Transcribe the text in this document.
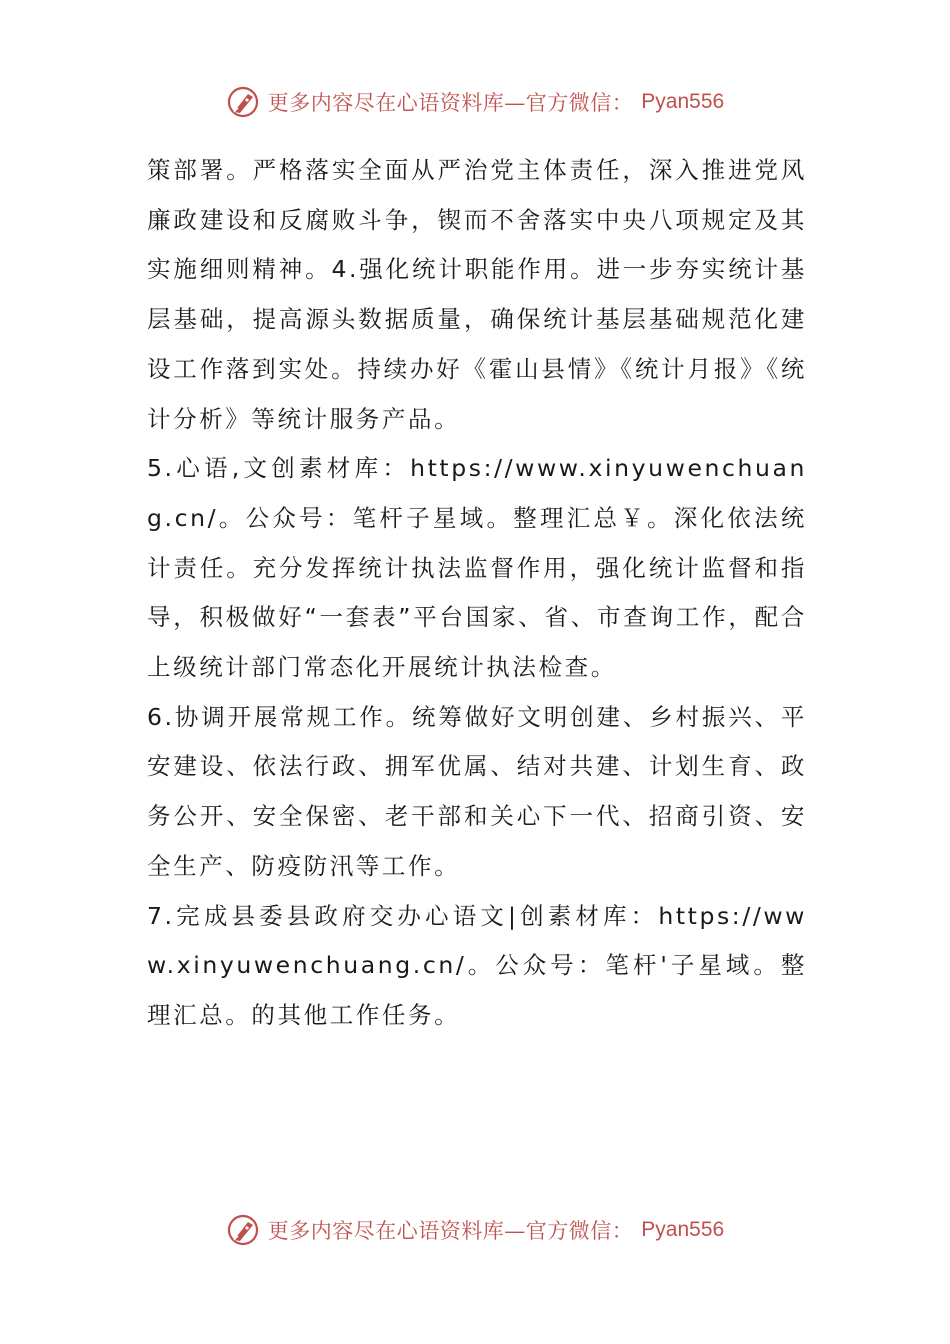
更多内容尽在心语资料库—官方微信： Pyan556

策部署。严格落实全面从严治党主体责任，深入推进党风廉政建设和反腐败斗争，锲而不舍落实中央八项规定及其实施细则精神。4.强化统计职能作用。进一步夯实统计基层基础，提高源头数据质量，确保统计基层基础规范化建设工作落到实处。持续办好《霍山县情》《统计月报》《统计分析》等统计服务产品。

5.心语,文创素材库：https://www.xinyuwenchuang.cn/。公众号：笔杆子星域。整理汇总￥。深化依法统计责任。充分发挥统计执法监督作用，强化统计监督和指导，积极做好“一套表”平台国家、省、市查询工作，配合上级统计部门常态化开展统计执法检查。

6.协调开展常规工作。统筹做好文明创建、乡村振兴、平安建设、依法行政、拥军优属、结对共建、计划生育、政务公开、安全保密、老干部和关心下一代、招商引资、安全生产、防疫防汛等工作。

7.完成县委县政府交办心语文|创素材库：https://www.xinyuwenchuang.cn/。公众号：笔杆'子星域。整理汇总。的其他工作任务。

更多内容尽在心语资料库—官方微信： Pyan556
